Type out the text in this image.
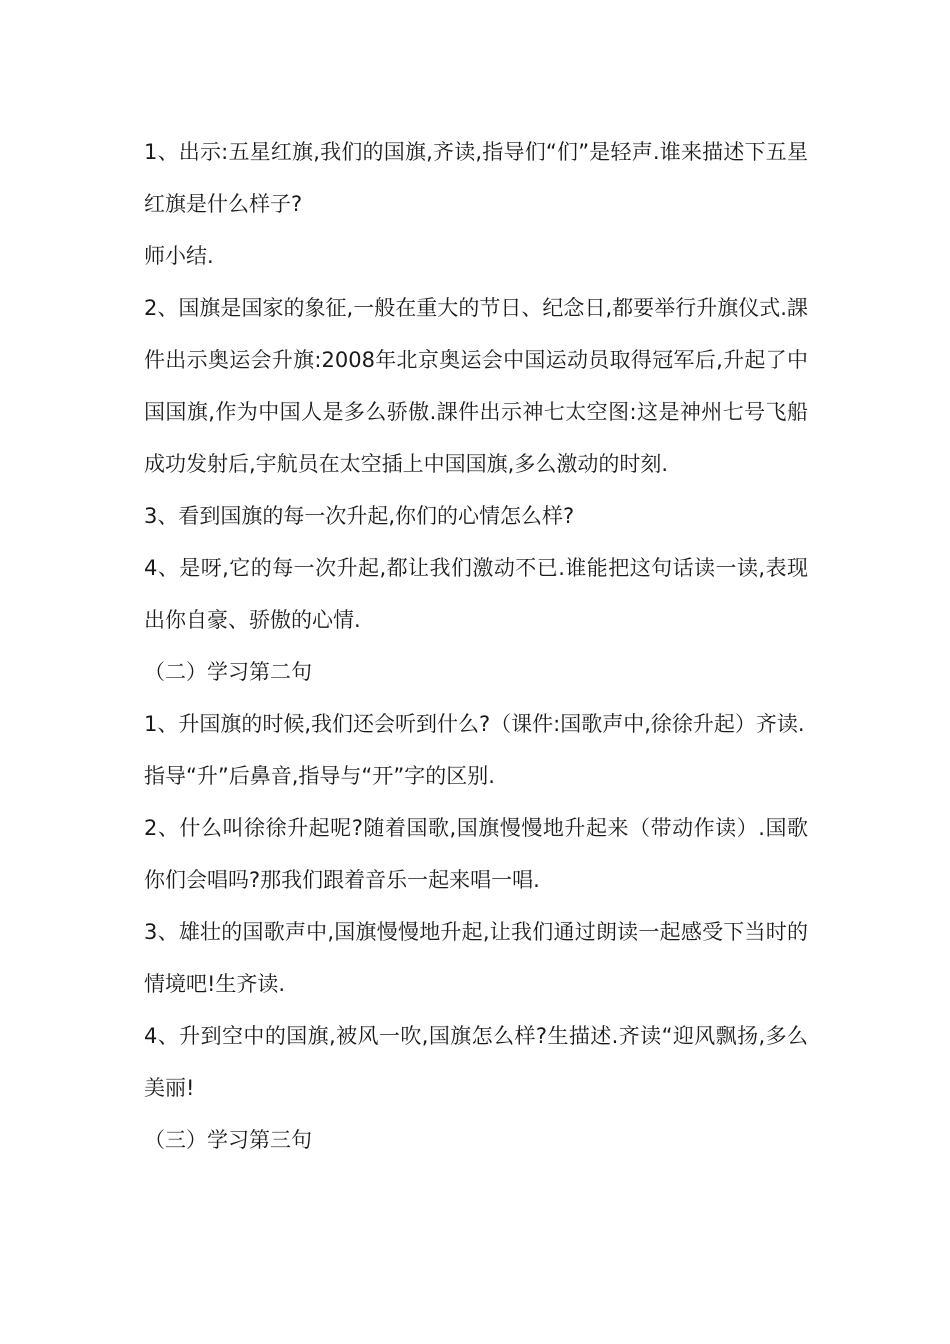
1、出示:五星红旗,我们的国旗,齐读,指导们“们”是轻声.谁来描述下五星红旗是什么样子?

师小结.

2、国旗是国家的象征,一般在重大的节日、纪念日,都要举行升旗仪式.課件出示奥运会升旗:2008年北京奥运会中国运动员取得冠军后,升起了中国国旗,作为中国人是多么骄傲.課件出示神七太空图:这是神州七号飞船成功发射后,宇航员在太空插上中国国旗,多么激动的时刻.

3、看到国旗的每一次升起,你们的心情怎么样?

4、是呀,它的每一次升起,都让我们激动不已.谁能把这句话读一读,表现出你自豪、骄傲的心情.

（二）学习第二句

1、升国旗的时候,我们还会听到什么?（课件:国歌声中,徐徐升起）齐读.

指导“升”后鼻音,指导与“开”字的区别.

2、什么叫徐徐升起呢?随着国歌,国旗慢慢地升起来（带动作读）.国歌你们会唱吗?那我们跟着音乐一起来唱一唱.

3、雄壮的国歌声中,国旗慢慢地升起,让我们通过朗读一起感受下当时的情境吧!生齐读.

4、升到空中的国旗,被风一吹,国旗怎么样?生描述.齐读“迎风飘扬,多么美丽!

（三）学习第三句
